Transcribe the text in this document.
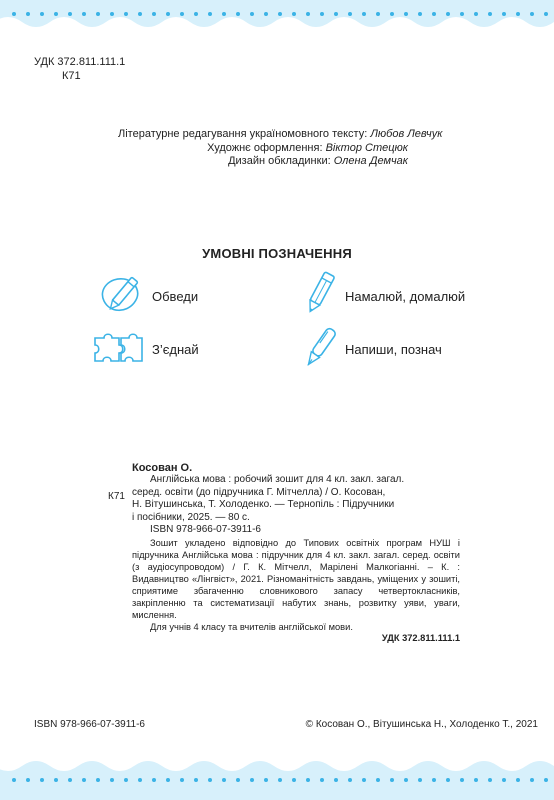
УДК 372.811.111.1
К71
Літературне редагування україномовного тексту: Любов Левчук
Художнє оформлення: Віктор Стецюк
Дизайн обкладинки: Олена Демчак
УМОВНІ ПОЗНАЧЕННЯ
Обведи	Намалюй, домалюй
З’єднай	Напиши, познач
К71
Косован О.
Англійська мова : робочий зошит для 4 кл. закл. загал.
серед. освіти (до підручника Г. Мітчелла) / О. Косован,
Н. Вітушинська, Т. Холоденко. — Тернопіль : Підручники
і посібники, 2025. — 80 с.
ISBN 978-966-07-3911-6
Зошит укладено відповідно до Типових освітніх програм НУШ і підручника Англійська мова : підручник для 4 кл. закл. загал. серед. освіти (з аудіосупроводом) / Г. К. Мітчелл, Марілені Малкогіанні. – К. : Видавництво «Лінгвіст», 2021. Різноманітність завдань, уміщених у зошиті, сприятиме збагаченню словникового запасу четвертокласників, закріпленню та систематизації набутих знань, розвитку уяви, уваги, мислення.
Для учнів 4 класу та вчителів англійської мови.
УДК 372.811.111.1
ISBN 978-966-07-3911-6	© Косован О., Вітушинська Н., Холоденко Т., 2021
